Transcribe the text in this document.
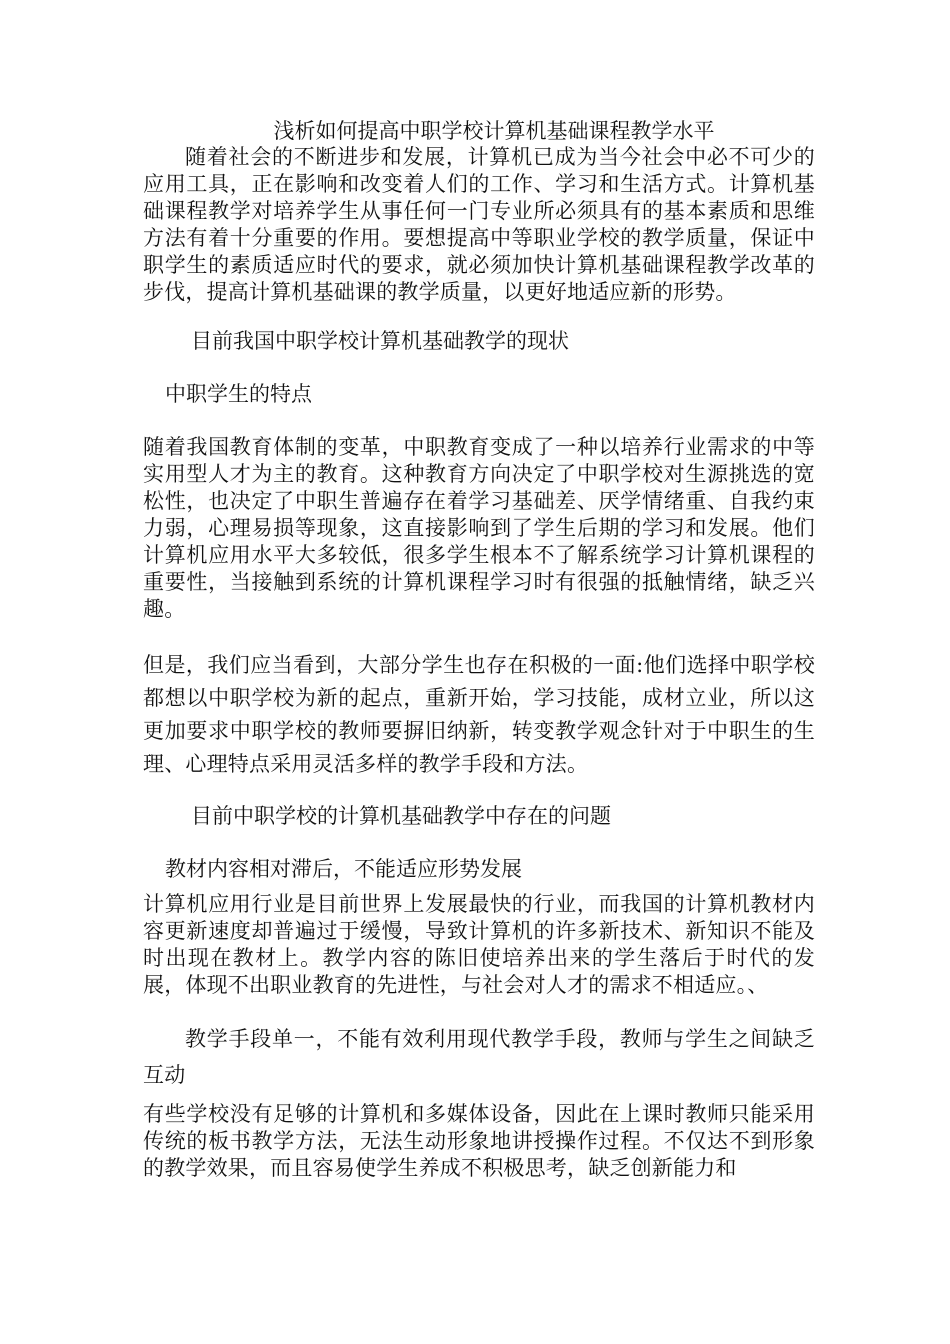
浅析如何提高中职学校计算机基础课程教学水平

随着社会的不断进步和发展，计算机已成为当今社会中必不可少的应用工具，正在影响和改变着人们的工作、学习和生活方式。计算机基础课程教学对培养学生从事任何一门专业所必须具有的基本素质和思维方法有着十分重要的作用。要想提高中等职业学校的教学质量，保证中职学生的素质适应时代的要求，就必须加快计算机基础课程教学改革的步伐，提高计算机基础课的教学质量，以更好地适应新的形势。

目前我国中职学校计算机基础教学的现状

中职学生的特点

随着我国教育体制的变革，中职教育变成了一种以培养行业需求的中等实用型人才为主的教育。这种教育方向决定了中职学校对生源挑选的宽松性，也决定了中职生普遍存在着学习基础差、厌学情绪重、自我约束力弱，心理易损等现象，这直接影响到了学生后期的学习和发展。他们计算机应用水平大多较低，很多学生根本不了解系统学习计算机课程的重要性，当接触到系统的计算机课程学习时有很强的抵触情绪，缺乏兴趣。

但是，我们应当看到，大部分学生也存在积极的一面:他们选择中职学校都想以中职学校为新的起点，重新开始，学习技能，成材立业，所以这更加要求中职学校的教师要摒旧纳新，转变教学观念针对于中职生的生理、心理特点采用灵活多样的教学手段和方法。

目前中职学校的计算机基础教学中存在的问题

教材内容相对滞后，不能适应形势发展

计算机应用行业是目前世界上发展最快的行业，而我国的计算机教材内容更新速度却普遍过于缓慢，导致计算机的许多新技术、新知识不能及时出现在教材上。教学内容的陈旧使培养出来的学生落后于时代的发展，体现不出职业教育的先进性，与社会对人才的需求不相适应。、

教学手段单一，不能有效利用现代教学手段，教师与学生之间缺乏互动

有些学校没有足够的计算机和多媒体设备，因此在上课时教师只能采用传统的板书教学方法，无法生动形象地讲授操作过程。不仅达不到形象的教学效果，而且容易使学生养成不积极思考，缺乏创新能力和
